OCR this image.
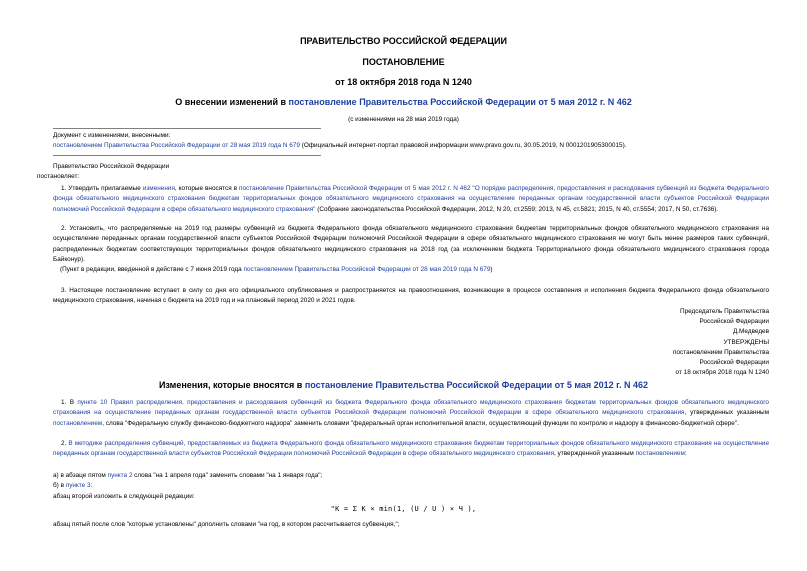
ПРАВИТЕЛЬСТВО РОССИЙСКОЙ ФЕДЕРАЦИИ
ПОСТАНОВЛЕНИЕ
от 18 октября 2018 года N 1240
О внесении изменений в постановление Правительства Российской Федерации от 5 мая 2012 г. N 462
(с изменениями на 28 мая 2019 года)
Документ с изменениями, внесенными:
постановлением Правительства Российской Федерации от 28 мая 2019 года N 679 (Официальный интернет-портал правовой информации www.pravo.gov.ru, 30.05.2019, N 0001201905300015).
Правительство Российской Федерации
постановляет:
1. Утвердить прилагаемые изменения, которые вносятся в постановление Правительства Российской Федерации от 5 мая 2012 г. N 462 "О порядке распределения, предоставления и расходования субвенций из бюджета Федерального фонда обязательного медицинского страхования бюджетам территориальных фондов обязательного медицинского страхования на осуществление переданных органам государственной власти субъектов Российской Федерации полномочий Российской Федерации в сфере обязательного медицинского страхования" (Собрание законодательства Российской Федерации, 2012, N 20, ст.2559; 2013, N 45, ст.5821; 2015, N 40, ст.5554; 2017, N 50, ст.7636).
2. Установить, что распределяемые на 2019 год размеры субвенций из бюджета Федерального фонда обязательного медицинского страхования бюджетам территориальных фондов обязательного медицинского страхования на осуществление переданных органам государственной власти субъектов Российской Федерации полномочий Российской Федерации в сфере обязательного медицинского страхования не могут быть менее размеров таких субвенций, распределенных бюджетам соответствующих территориальных фондов обязательного медицинского страхования на 2018 год (за исключением бюджета Территориального фонда обязательного медицинского страхования города Байконур).
(Пункт в редакции, введенной в действие с 7 июня 2019 года постановлением Правительства Российской Федерации от 28 мая 2019 года N 679)
3. Настоящее постановление вступает в силу со дня его официального опубликования и распространяется на правоотношения, возникающие в процессе составления и исполнения бюджета Федерального фонда обязательного медицинского страхования, начиная с бюджета на 2019 год и на плановый период 2020 и 2021 годов.
Председатель Правительства
Российской Федерации
Д.Медведев
УТВЕРЖДЕНЫ
постановлением Правительства
Российской Федерации
от 18 октября 2018 года N 1240
Изменения, которые вносятся в постановление Правительства Российской Федерации от 5 мая 2012 г. N 462
1. В пункте 10 Правил распределения, предоставления и расходования субвенций из бюджета Федерального фонда обязательного медицинского страхования бюджетам территориальных фондов обязательного медицинского страхования на осуществление переданных органам государственной власти субъектов Российской Федерации полномочий Российской Федерации в сфере обязательного медицинского страхования, утвержденных указанным постановлением, слова "Федеральную службу финансово-бюджетного надзора" заменить словами "федеральный орган исполнительной власти, осуществляющий функции по контролю и надзору в финансово-бюджетной сфере".
2. В методике распределения субвенций, предоставляемых из бюджета Федерального фонда обязательного медицинского страхования бюджетам территориальных фондов обязательного медицинского страхования на осуществление переданных органам государственной власти субъектов Российской Федерации полномочий Российской Федерации в сфере обязательного медицинского страхования, утвержденной указанным постановлением:
а) в абзаце пятом пункта 2 слова "на 1 апреля года" заменить словами "на 1 января года";
б) в пункте 3:
абзац второй изложить в следующей редакции:
"K = Σ K × min(1, (U / U ) × Ч ),
абзац пятый после слов "которые установлены" дополнить словами "на год, в котором рассчитывается субвенция,";
